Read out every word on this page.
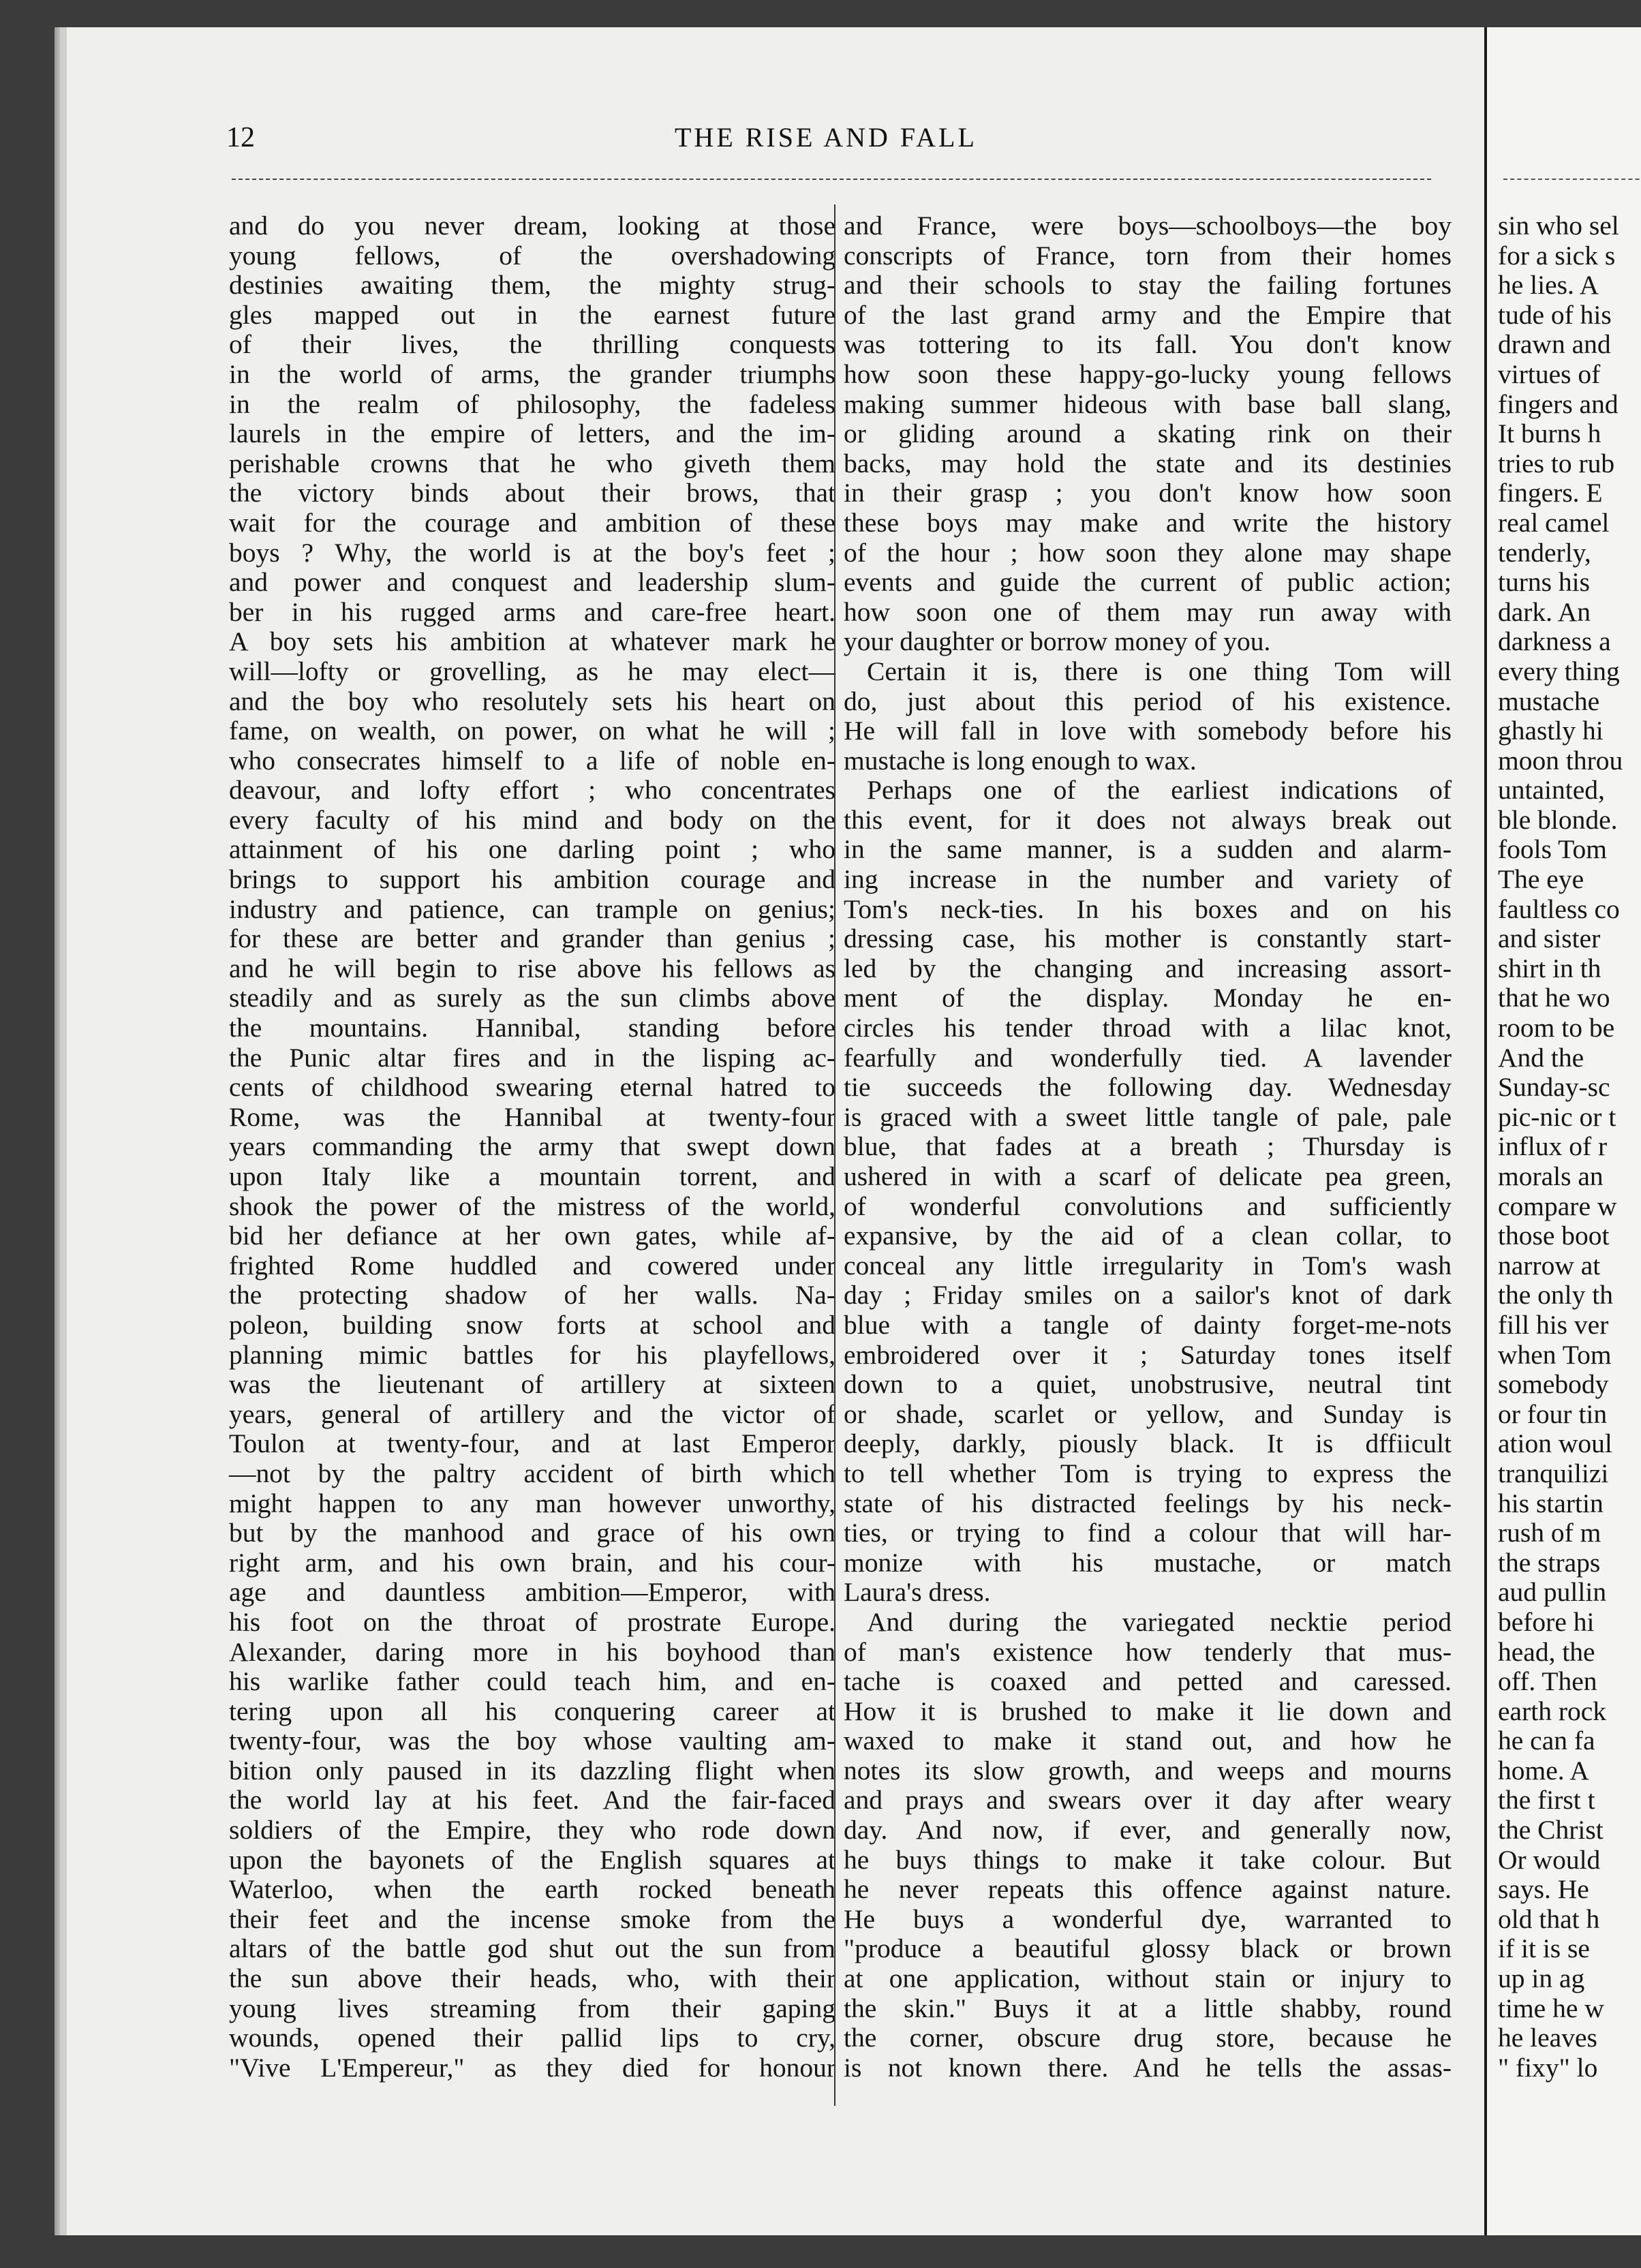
12	THE RISE AND FALL
and do you never dream, looking at those
young fellows, of the overshadowing
destinies awaiting them, the mighty strug-
gles mapped out in the earnest future
of their lives, the thrilling conquests
in the world of arms, the grander triumphs
in the realm of philosophy, the fadeless
laurels in the empire of letters, and the im-
perishable crowns that he who giveth them
the victory binds about their brows, that
wait for the courage and ambition of these
boys ? Why, the world is at the boy's feet ;
and power and conquest and leadership slum-
ber in his rugged arms and care-free heart.
A boy sets his ambition at whatever mark he
will—lofty or grovelling, as he may elect—
and the boy who resolutely sets his heart on
fame, on wealth, on power, on what he will ;
who consecrates himself to a life of noble en-
deavour, and lofty effort ; who concentrates
every faculty of his mind and body on the
attainment of his one darling point ; who
brings to support his ambition courage and
industry and patience, can trample on genius;
for these are better and grander than genius ;
and he will begin to rise above his fellows as
steadily and as surely as the sun climbs above
the mountains. Hannibal, standing before
the Punic altar fires and in the lisping ac-
cents of childhood swearing eternal hatred to
Rome, was the Hannibal at twenty-four
years commanding the army that swept down
upon Italy like a mountain torrent, and
shook the power of the mistress of the world,
bid her defiance at her own gates, while af-
frighted Rome huddled and cowered under
the protecting shadow of her walls. Na-
poleon, building snow forts at school and
planning mimic battles for his playfellows,
was the lieutenant of artillery at sixteen
years, general of artillery and the victor of
Toulon at twenty-four, and at last Emperor
—not by the paltry accident of birth which
might happen to any man however unworthy,
but by the manhood and grace of his own
right arm, and his own brain, and his cour-
age and dauntless ambition—Emperor, with
his foot on the throat of prostrate Europe.
Alexander, daring more in his boyhood than
his warlike father could teach him, and en-
tering upon all his conquering career at
twenty-four, was the boy whose vaulting am-
bition only paused in its dazzling flight when
the world lay at his feet. And the fair-faced
soldiers of the Empire, they who rode down
upon the bayonets of the English squares at
Waterloo, when the earth rocked beneath
their feet and the incense smoke from the
altars of the battle god shut out the sun from
the sun above their heads, who, with their
young lives streaming from their gaping
wounds, opened their pallid lips to cry,
"Vive L'Empereur," as they died for honour
and France, were boys—schoolboys—the boy
conscripts of France, torn from their homes
and their schools to stay the failing fortunes
of the last grand army and the Empire that
was tottering to its fall. You don't know
how soon these happy-go-lucky young fellows
making summer hideous with base ball slang,
or gliding around a skating rink on their
backs, may hold the state and its destinies
in their grasp ; you don't know how soon
these boys may make and write the history
of the hour ; how soon they alone may shape
events and guide the current of public action;
how soon one of them may run away with
your daughter or borrow money of you.
Certain it is, there is one thing Tom will
do, just about this period of his existence.
He will fall in love with somebody before his
mustache is long enough to wax.
Perhaps one of the earliest indications of
this event, for it does not always break out
in the same manner, is a sudden and alarm-
ing increase in the number and variety of
Tom's neck-ties. In his boxes and on his
dressing case, his mother is constantly start-
led by the changing and increasing assort-
ment of the display. Monday he en-
circles his tender throad with a lilac knot,
fearfully and wonderfully tied. A lavender
tie succeeds the following day. Wednesday
is graced with a sweet little tangle of pale, pale
blue, that fades at a breath ; Thursday is
ushered in with a scarf of delicate pea green,
of wonderful convolutions and sufficiently
expansive, by the aid of a clean collar, to
conceal any little irregularity in Tom's wash
day ; Friday smiles on a sailor's knot of dark
blue with a tangle of dainty forget-me-nots
embroidered over it ; Saturday tones itself
down to a quiet, unobstrusive, neutral tint
or shade, scarlet or yellow, and Sunday is
deeply, darkly, piously black. It is dffiicult
to tell whether Tom is trying to express the
state of his distracted feelings by his neck-
ties, or trying to find a colour that will har-
monize with his mustache, or match
Laura's dress.
And during the variegated necktie period
of man's existence how tenderly that mus-
tache is coaxed and petted and caressed.
How it is brushed to make it lie down and
waxed to make it stand out, and how he
notes its slow growth, and weeps and mourns
and prays and swears over it day after weary
day. And now, if ever, and generally now,
he buys things to make it take colour. But
he never repeats this offence against nature.
He buys a wonderful dye, warranted to
"produce a beautiful glossy black or brown
at one application, without stain or injury to
the skin." Buys it at a little shabby, round
the corner, obscure drug store, because he
is not known there. And he tells the assas-
sin who sel
for a sick s
he lies. A
tude of his
drawn and
virtues of
fingers and
It burns h
tries to rub
fingers. E
real camel
tenderly,
turns his
dark. An
darkness a
every thing
mustache
ghastly hi
moon throu
untainted,
ble blonde.
fools Tom
The eye
faultless co
and sister
shirt in th
that he wo
room to be
And the
Sunday-sc
pic-nic or t
influx of r
morals an
compare w
those boot
narrow at
the only th
fill his ver
when Tom
somebody
or four tin
ation woul
tranquilizi
his startin
rush of m
the straps
aud pullin
before hi
head, the
off. Then
earth rock
he can fa
home. A
the first t
the Christ
Or would
says. He
old that h
if it is se
up in ag
time he w
he leaves
" fixy" lo
